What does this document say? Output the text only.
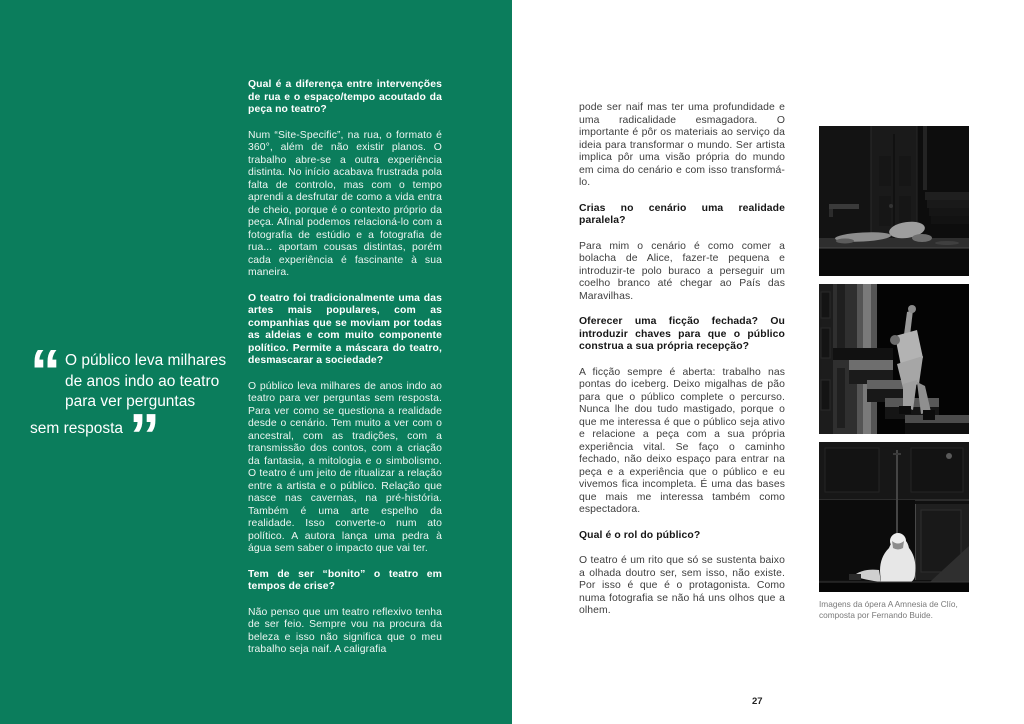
“ O público leva milhares de anos indo ao teatro para ver perguntas sem resposta”
Qual é a diferença entre intervenções de rua e o espaço/tempo acoutado da peça no teatro?
Num “Site-Specific”, na rua, o formato é 360°, além de não existir planos. O trabalho abre-se a outra experiência distinta. No início acabava frustrada pola falta de controlo, mas com o tempo aprendi a desfrutar de como a vida entra de cheio, porque é o contexto próprio da peça. Afinal podemos relacioná-lo com a fotografia de estúdio e a fotografia de rua... aportam cousas distintas, porém cada experiência é fascinante à sua maneira.
O teatro foi tradicionalmente uma das artes mais populares, com as companhias que se moviam por todas as aldeias e com muito componente político. Permite a máscara do teatro, desmascarar a sociedade?
O público leva milhares de anos indo ao teatro para ver perguntas sem resposta. Para ver como se questiona a realidade desde o cenário. Tem muito a ver com o ancestral, com as tradições, com a transmissão dos contos, com a criação da fantasia, a mitologia e o simbolismo. O teatro é um jeito de ritualizar a relação entre a artista e o público. Relação que nasce nas cavernas, na pré-história. Também é uma arte espelho da realidade. Isso converte-o num ato político. A autora lança uma pedra à água sem saber o impacto que vai ter.
Tem de ser “bonito” o teatro em tempos de crise?
Não penso que um teatro reflexivo tenha de ser feio. Sempre vou na procura da beleza e isso não significa que o meu trabalho seja naif. A caligrafia
pode ser naif mas ter uma profundidade e uma radicalidade esmagadora. O importante é pôr os materiais ao serviço da ideia para transformar o mundo. Ser artista implica pôr uma visão própria do mundo em cima do cenário e com isso transformá-lo.
Crias no cenário uma realidade paralela?
Para mim o cenário é como comer a bolacha de Alice, fazer-te pequena e introduzir-te polo buraco a perseguir um coelho branco até chegar ao País das Maravilhas.
Oferecer uma ficção fechada? Ou introduzir chaves para que o público construa a sua própria recepção?
A ficção sempre é aberta: trabalho nas pontas do iceberg. Deixo migalhas de pão para que o público complete o percurso. Nunca lhe dou tudo mastigado, porque o que me interessa é que o público seja ativo e relacione a peça com a sua própria experiência vital. Se faço o caminho fechado, não deixo espaço para entrar na peça e a experiência que o público e eu vivemos fica incompleta. É uma das bases que mais me interessa também como espectadora.
Qual é o rol do público?
O teatro é um rito que só se sustenta baixo a olhada doutro ser, sem isso, não existe. Por isso é que é o protagonista. Como numa fotografia se não há uns olhos que a olhem.
Imagens da ópera A Amnesia de Clío, composta por Fernando Buide.
27
